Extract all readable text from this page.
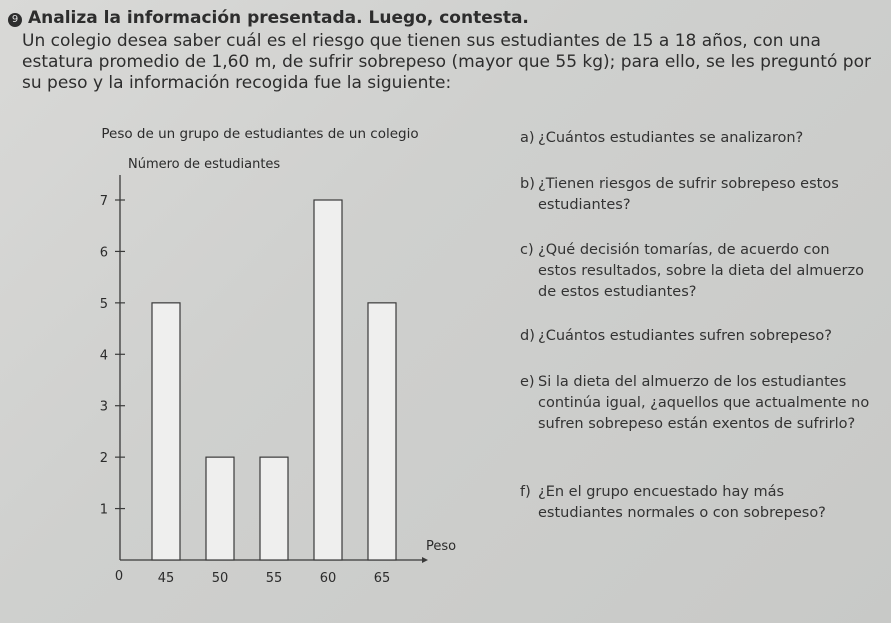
9 Analiza la información presentada. Luego, contesta.
Un colegio desea saber cuál es el riesgo que tienen sus estudiantes de 15 a 18 años, con una estatura promedio de 1,60 m, de sufrir sobrepeso (mayor que 55 kg); para ello, se les preguntó por su peso y la información recogida fue la siguiente:
Peso de un grupo de estudiantes de un colegio
Número de estudiantes
Peso
0
1
2
3
4
5
6
7
45	50	55	60	65
a) ¿Cuántos estudiantes se analizaron?
b) ¿Tienen riesgos de sufrir sobrepeso estos estudiantes?
c) ¿Qué decisión tomarías, de acuerdo con estos resultados, sobre la dieta del almuerzo de estos estudiantes?
d) ¿Cuántos estudiantes sufren sobrepeso?
e) Si la dieta del almuerzo de los estudiantes continúa igual, ¿aquellos que actualmente no sufren sobrepeso están exentos de sufrirlo?
f) ¿En el grupo encuestado hay más estudiantes normales o con sobrepeso?
